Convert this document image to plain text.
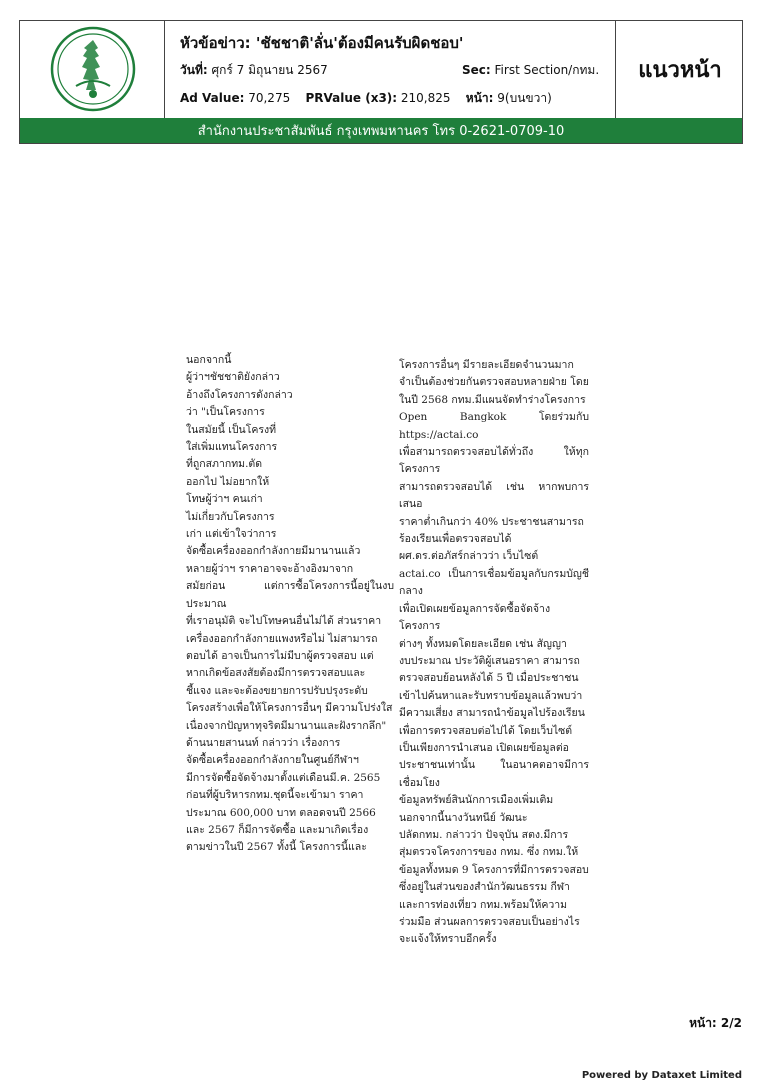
หัวข้อข่าว: 'ชัชชาติ'ลั่น'ต้องมีคนรับผิดชอบ'
วันที่: ศุกร์ 7 มิถุนายน 2567	Sec: First Section/กทม.
Ad Value: 70,275 PRValue (x3): 210,825 หน้า: 9(บนขวา)
แนวหน้า
สำนักงานประชาสัมพันธ์ กรุงเทพมหานคร โทร 0-2621-0709-10
นอกจากนี้
ผู้ว่าฯชัชชาติยังกล่าว
อ้างถึงโครงการดังกล่าว
ว่า "เป็นโครงการ
ในสมัยนี้ เป็นโครงที่
ใส่เพิ่มแทนโครงการ
ที่ถูกสภากทม.ตัด
ออกไป ไม่อยากให้
โทษผู้ว่าฯ คนเก่า
ไม่เกี่ยวกับโครงการ
เก่า แต่เข้าใจว่าการ
จัดซื้อเครื่องออกกำลังกายมีมานานแล้ว
หลายผู้ว่าฯ ราคาอาจจะอ้างอิงมาจาก
สมัยก่อน แต่การซื้อโครงการนี้อยู่ในงบประมาณ
ที่เราอนุมัติ จะไปโทษคนอื่นไม่ได้ ส่วนราคา
เครื่องออกกำลังกายแพงหรือไม่ ไม่สามารถ
ตอบได้ อาจเป็นการไม่มีบาผู้ตรวจสอบ แต่
หากเกิดข้อสงสัยต้องมีการตรวจสอบและ
ชี้แจง และจะต้องขยายการปรับปรุงระดับ
โครงสร้างเพื่อให้โครงการอื่นๆ มีความโปร่งใส
เนื่องจากปัญหาทุจริตมีมานานและฝังรากลึก"
ด้านนายสานนท์ กล่าวว่า เรื่องการ
จัดซื้อเครื่องออกกำลังกายในศูนย์กีฬาฯ
มีการจัดซื้อจัดจ้างมาตั้งแต่เดือนมี.ค. 2565
ก่อนที่ผู้บริหารกทม.ชุดนี้จะเข้ามา ราคา
ประมาณ 600,000 บาท ตลอดจนปี 2566
และ 2567 ก็มีการจัดซื้อ และมาเกิดเรื่อง
ตามข่าวในปี 2567 ทั้งนี้ โครงการนี้และ
โครงการอื่นๆ มีรายละเอียดจำนวนมาก
จำเป็นต้องช่วยกันตรวจสอบหลายฝ่าย โดย
ในปี 2568 กทม.มีแผนจัดทำร่างโครงการ
Open Bangkok โดยร่วมกับ https://actai.co
เพื่อสามารถตรวจสอบได้ทั่วถึง ให้ทุกโครงการ
สามารถตรวจสอบได้ เช่น หากพบการเสนอ
ราคาต่ำเกินกว่า 40% ประชาชนสามารถ
ร้องเรียนเพื่อตรวจสอบได้
ผศ.ดร.ต่อภัสร์กล่าวว่า เว็บไซต์
actai.co เป็นการเชื่อมข้อมูลกับกรมบัญชีกลาง
เพื่อเปิดเผยข้อมูลการจัดซื้อจัดจ้างโครงการ
ต่างๆ ทั้งหมดโดยละเอียด เช่น สัญญา
งบประมาณ ประวัติผู้เสนอราคา สามารถ
ตรวจสอบย้อนหลังได้ 5 ปี เมื่อประชาชน
เข้าไปค้นหาและรับทราบข้อมูลแล้วพบว่า
มีความเสี่ยง สามารถนำข้อมูลไปร้องเรียน
เพื่อการตรวจสอบต่อไปได้ โดยเว็บไซต์
เป็นเพียงการนำเสนอ เปิดเผยข้อมูลต่อ
ประชาชนเท่านั้น ในอนาคตอาจมีการเชื่อมโยง
ข้อมูลทรัพย์สินนักการเมืองเพิ่มเติม
นอกจากนี้นางวันทนีย์ วัฒนะ
ปลัดกทม. กล่าวว่า ปัจจุบัน สตง.มีการ
สุ่มตรวจโครงการของ กทม. ซึ่ง กทม.ให้
ข้อมูลทั้งหมด 9 โครงการที่มีการตรวจสอบ
ซึ่งอยู่ในส่วนของสำนักวัฒนธรรม กีฬา
และการท่องเที่ยว กทม.พร้อมให้ความ
ร่วมมือ ส่วนผลการตรวจสอบเป็นอย่างไร
จะแจ้งให้ทราบอีกครั้ง
หน้า: 2/2
Powered by Dataxet Limited
